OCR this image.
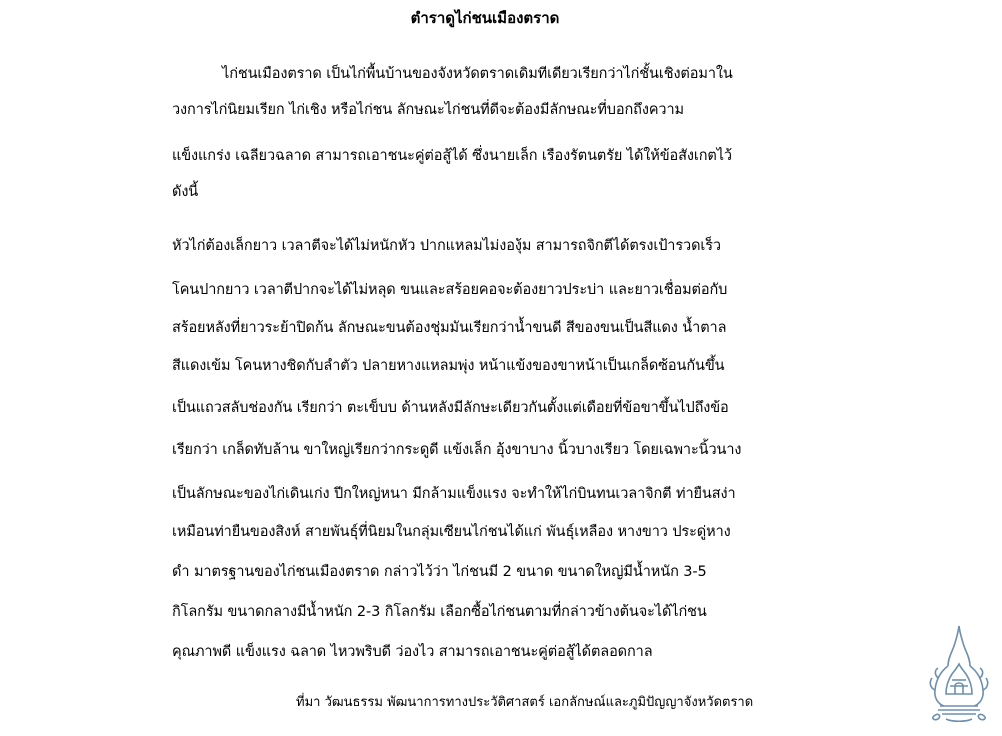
ตำราดูไก่ชนเมืองตราด
ไก่ชนเมืองตราด เป็นไก่พื้นบ้านของจังหวัดตราดเดิมทีเดียวเรียกว่าไก่ชั้นเชิงต่อมาใน
วงการไก่นิยมเรียก ไก่เชิง หรือไก่ชน ลักษณะไก่ชนที่ดีจะต้องมีลักษณะที่บอกถึงความ
แข็งแกร่ง เฉลียวฉลาด สามารถเอาชนะคู่ต่อสู้ได้ ซึ่งนายเล็ก เรืองรัตนตรัย ได้ให้ข้อสังเกตไว้
ดังนี้
หัวไก่ต้องเล็กยาว เวลาตีจะได้ไม่หนักหัว ปากแหลมไม่งองุ้ม สามารถจิกตีได้ตรงเป้ารวดเร็ว
โคนปากยาว เวลาตีปากจะได้ไม่หลุด ขนและสร้อยคอจะต้องยาวประบ่า และยาวเชื่อมต่อกับ
สร้อยหลังที่ยาวระย้าปิดก้น ลักษณะขนต้องชุ่มมันเรียกว่าน้ำขนดี สีของขนเป็นสีแดง น้ำตาล
สีแดงเข้ม โคนหางชิดกับลำตัว ปลายหางแหลมพุ่ง หน้าแข้งของขาหน้าเป็นเกล็ดซ้อนกันขึ้น
เป็นแถวสลับช่องกัน เรียกว่า ตะเข็บบ ด้านหลังมีลักษะเดียวกันตั้งแต่เดือยที่ข้อขาขึ้นไปถึงข้อ
เรียกว่า เกล็ดทับล้าน ขาใหญ่เรียกว่ากระดูดี แข้งเล็ก อุ้งขาบาง นิ้วบางเรียว โดยเฉพาะนิ้วนาง
เป็นลักษณะของไก่เดินเก่ง ปีกใหญ่หนา มีกล้ามแข็งแรง จะทำให้ไก่บินทนเวลาจิกตี ท่ายืนสง่า
เหมือนท่ายืนของสิงห์ สายพันธุ์ที่นิยมในกลุ่มเซียนไก่ชนได้แก่ พันธุ์เหลือง หางขาว ประดู่หาง
ดำ มาตรฐานของไก่ชนเมืองตราด กล่าวไว้ว่า ไก่ชนมี 2 ขนาด ขนาดใหญ่มีน้ำหนัก 3-5
กิโลกรัม ขนาดกลางมีน้ำหนัก 2-3 กิโลกรัม เลือกซื้อไก่ชนตามที่กล่าวข้างต้นจะได้ไก่ชน
คุณภาพดี แข็งแรง ฉลาด ไหวพริบดี ว่องไว สามารถเอาชนะคู่ต่อสู้ได้ตลอดกาล
ที่มา วัฒนธรรม พัฒนาการทางประวัติศาสตร์ เอกลักษณ์และภูมิปัญญาจังหวัดตราด
